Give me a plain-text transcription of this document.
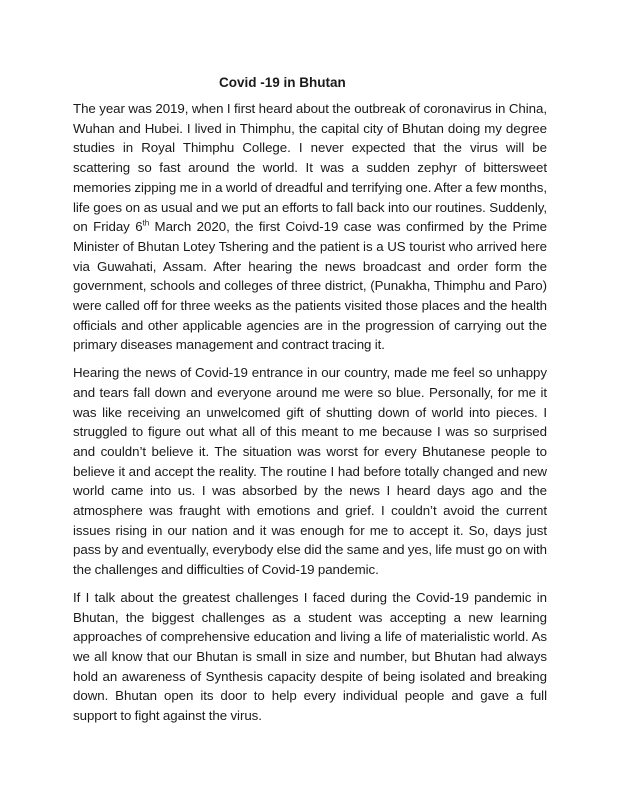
Covid -19 in Bhutan

The year was 2019, when I first heard about the outbreak of coronavirus in China, Wuhan and Hubei. I lived in Thimphu, the capital city of Bhutan doing my degree studies in Royal Thimphu College. I never expected that the virus will be scattering so fast around the world. It was a sudden zephyr of bittersweet memories zipping me in a world of dreadful and terrifying one. After a few months, life goes on as usual and we put an efforts to fall back into our routines. Suddenly, on Friday 6th March 2020, the first Coivd-19 case was confirmed by the Prime Minister of Bhutan Lotey Tshering and the patient is a US tourist who arrived here via Guwahati, Assam. After hearing the news broadcast and order form the government, schools and colleges of three district, (Punakha, Thimphu and Paro) were called off for three weeks as the patients visited those places and the health officials and other applicable agencies are in the progression of carrying out the primary diseases management and contract tracing it.

Hearing the news of Covid-19 entrance in our country, made me feel so unhappy and tears fall down and everyone around me were so blue. Personally, for me it was like receiving an unwelcomed gift of shutting down of world into pieces. I struggled to figure out what all of this meant to me because I was so surprised and couldn’t believe it. The situation was worst for every Bhutanese people to believe it and accept the reality. The routine I had before totally changed and new world came into us. I was absorbed by the news I heard days ago and the atmosphere was fraught with emotions and grief. I couldn’t avoid the current issues rising in our nation and it was enough for me to accept it. So, days just pass by and eventually, everybody else did the same and yes, life must go on with the challenges and difficulties of Covid-19 pandemic.

If I talk about the greatest challenges I faced during the Covid-19 pandemic in Bhutan, the biggest challenges as a student was accepting a new learning approaches of comprehensive education and living a life of materialistic world. As we all know that our Bhutan is small in size and number, but Bhutan had always hold an awareness of Synthesis capacity despite of being isolated and breaking down. Bhutan open its door to help every individual people and gave a full support to fight against the virus.
